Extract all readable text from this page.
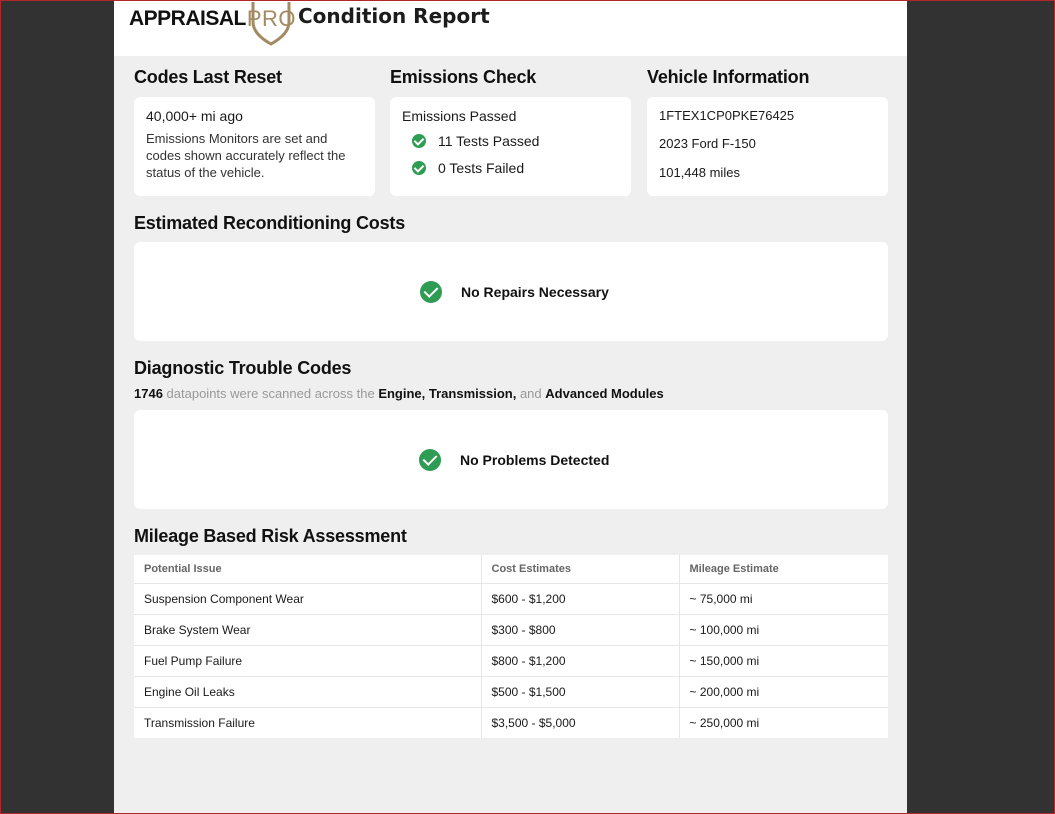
APPRAISAL PRO Condition Report
Codes Last Reset
40,000+ mi ago
Emissions Monitors are set and codes shown accurately reflect the status of the vehicle.
Emissions Check
Emissions Passed
11 Tests Passed
0 Tests Failed
Vehicle Information
1FTEX1CP0PKE76425
2023 Ford F-150
101,448 miles
Estimated Reconditioning Costs
No Repairs Necessary
Diagnostic Trouble Codes
1746 datapoints were scanned across the Engine, Transmission, and Advanced Modules
No Problems Detected
Mileage Based Risk Assessment
Potential Issue	Cost Estimates	Mileage Estimate
Suspension Component Wear	$600 - $1,200	~ 75,000 mi
Brake System Wear	$300 - $800	~ 100,000 mi
Fuel Pump Failure	$800 - $1,200	~ 150,000 mi
Engine Oil Leaks	$500 - $1,500	~ 200,000 mi
Transmission Failure	$3,500 - $5,000	~ 250,000 mi
